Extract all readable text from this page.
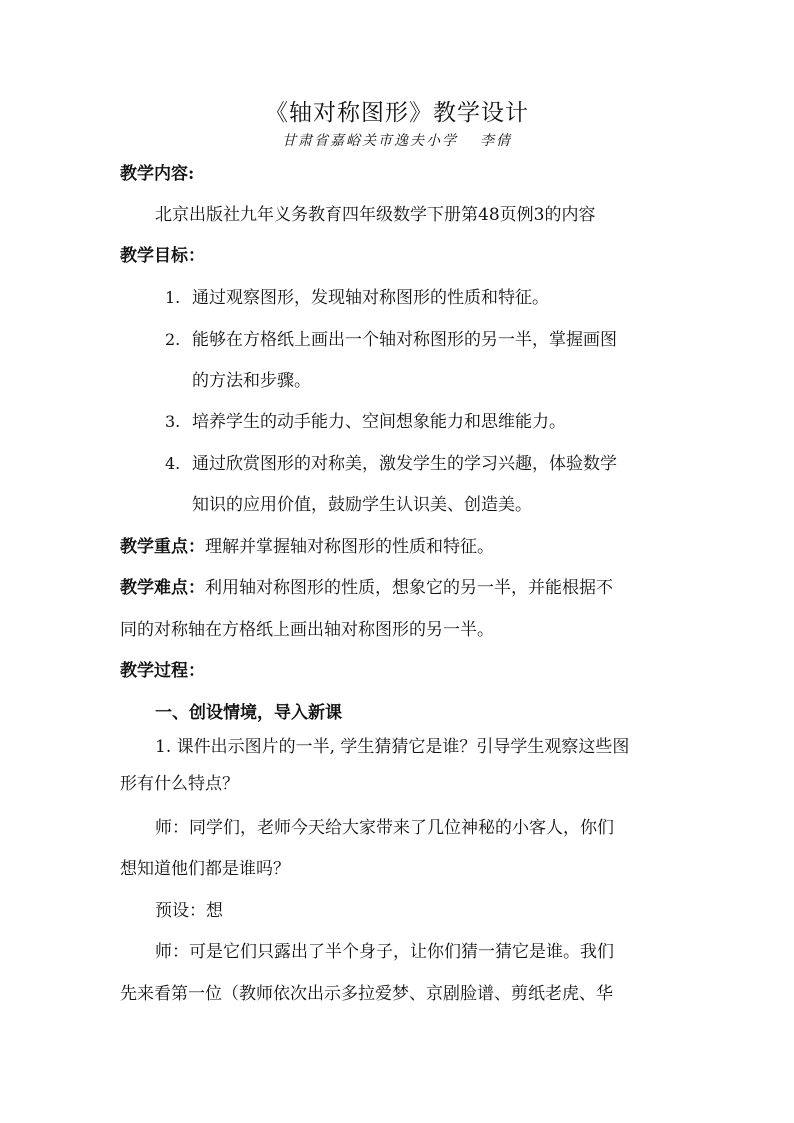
《轴对称图形》教学设计
甘肃省嘉峪关市逸夫小学 李倩
教学内容:
北京出版社九年义务教育四年级数学下册第48页例3的内容
教学目标：
1. 通过观察图形，发现轴对称图形的性质和特征。
2. 能够在方格纸上画出一个轴对称图形的另一半，掌握画图
的方法和步骤。
3. 培养学生的动手能力、空间想象能力和思维能力。
4. 通过欣赏图形的对称美，激发学生的学习兴趣，体验数学
知识的应用价值，鼓励学生认识美、创造美。
教学重点：理解并掌握轴对称图形的性质和特征。
教学难点：利用轴对称图形的性质，想象它的另一半，并能根据不
同的对称轴在方格纸上画出轴对称图形的另一半。
教学过程：
一、创设情境，导入新课
1. 课件出示图片的一半, 学生猜猜它是谁？引导学生观察这些图
形有什么特点？
师：同学们，老师今天给大家带来了几位神秘的小客人，你们
想知道他们都是谁吗？
预设：想
师：可是它们只露出了半个身子，让你们猜一猜它是谁。我们
先来看第一位（教师依次出示多拉爱梦、京剧脸谱、剪纸老虎、华
